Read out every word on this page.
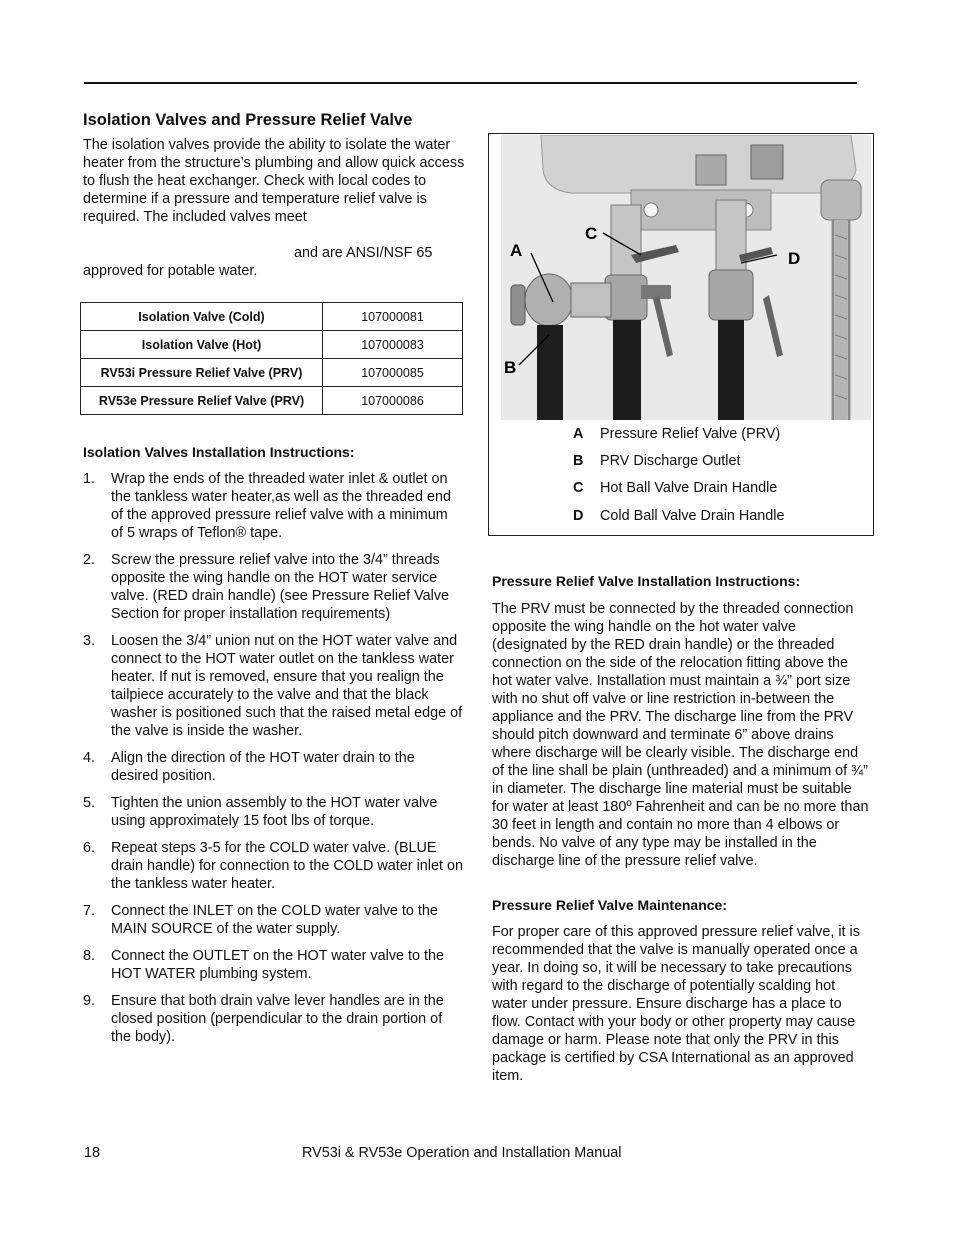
Isolation Valves and Pressure Relief Valve

The isolation valves provide the ability to isolate the water heater from the structure’s plumbing and allow quick access to flush the heat exchanger. Check with local codes to determine if a pressure and temperature relief valve is required. The included valves meet

and are ANSI/NSF 65
approved for potable water.
Isolation Valve (Cold)	107000081
Isolation Valve (Hot)	107000083
RV53i Pressure Relief Valve (PRV)	107000085
RV53e Pressure Relief Valve (PRV)	107000086
Isolation Valves Installation Instructions:
1. Wrap the ends of the threaded water inlet & outlet on the tankless water heater,as well as the threaded end of the approved pressure relief valve with a minimum of 5 wraps of Teflon® tape.
2. Screw the pressure relief valve into the 3/4” threads opposite the wing handle on the HOT water service valve. (RED drain handle) (see Pressure Relief Valve Section for proper installation requirements)
3. Loosen the 3/4” union nut on the HOT water valve and connect to the HOT water outlet on the tankless water heater. If nut is removed, ensure that you realign the tailpiece accurately to the valve and that the black washer is positioned such that the raised metal edge of the valve is inside the washer.
4. Align the direction of the HOT water drain to the desired position.
5. Tighten the union assembly to the HOT water valve using approximately 15 foot lbs of torque.
6. Repeat steps 3-5 for the COLD water valve. (BLUE drain handle) for connection to the COLD water inlet on the tankless water heater.
7. Connect the INLET on the COLD water valve to the MAIN SOURCE of the water supply.
8. Connect the OUTLET on the HOT water valve to the HOT WATER plumbing system.
9. Ensure that both drain valve lever handles are in the closed position (perpendicular to the drain portion of the body).
C
A
B
D
A Pressure Relief Valve (PRV)
B PRV Discharge Outlet
C Hot Ball Valve Drain Handle
D Cold Ball Valve Drain Handle
Pressure Relief Valve Installation Instructions:

The PRV must be connected by the threaded connection opposite the wing handle on the hot water valve (designated by the RED drain handle) or the threaded connection on the side of the relocation fitting above the hot water valve. Installation must maintain a ¾” port size with no shut off valve or line restriction in-between the appliance and the PRV. The discharge line from the PRV should pitch downward and terminate 6” above drains where discharge will be clearly visible. The discharge end of the line shall be plain (unthreaded) and a minimum of ¾” in diameter. The discharge line material must be suitable for water at least 180º Fahrenheit and can be no more than 30 feet in length and contain no more than 4 elbows or bends. No valve of any type may be installed in the discharge line of the pressure relief valve.

Pressure Relief Valve Maintenance:

For proper care of this approved pressure relief valve, it is recommended that the valve is manually operated once a year. In doing so, it will be necessary to take precautions with regard to the discharge of potentially scalding hot water under pressure. Ensure discharge has a place to flow. Contact with your body or other property may cause damage or harm. Please note that only the PRV in this package is certified by CSA International as an approved item.

18	RV53i & RV53e Operation and Installation Manual
